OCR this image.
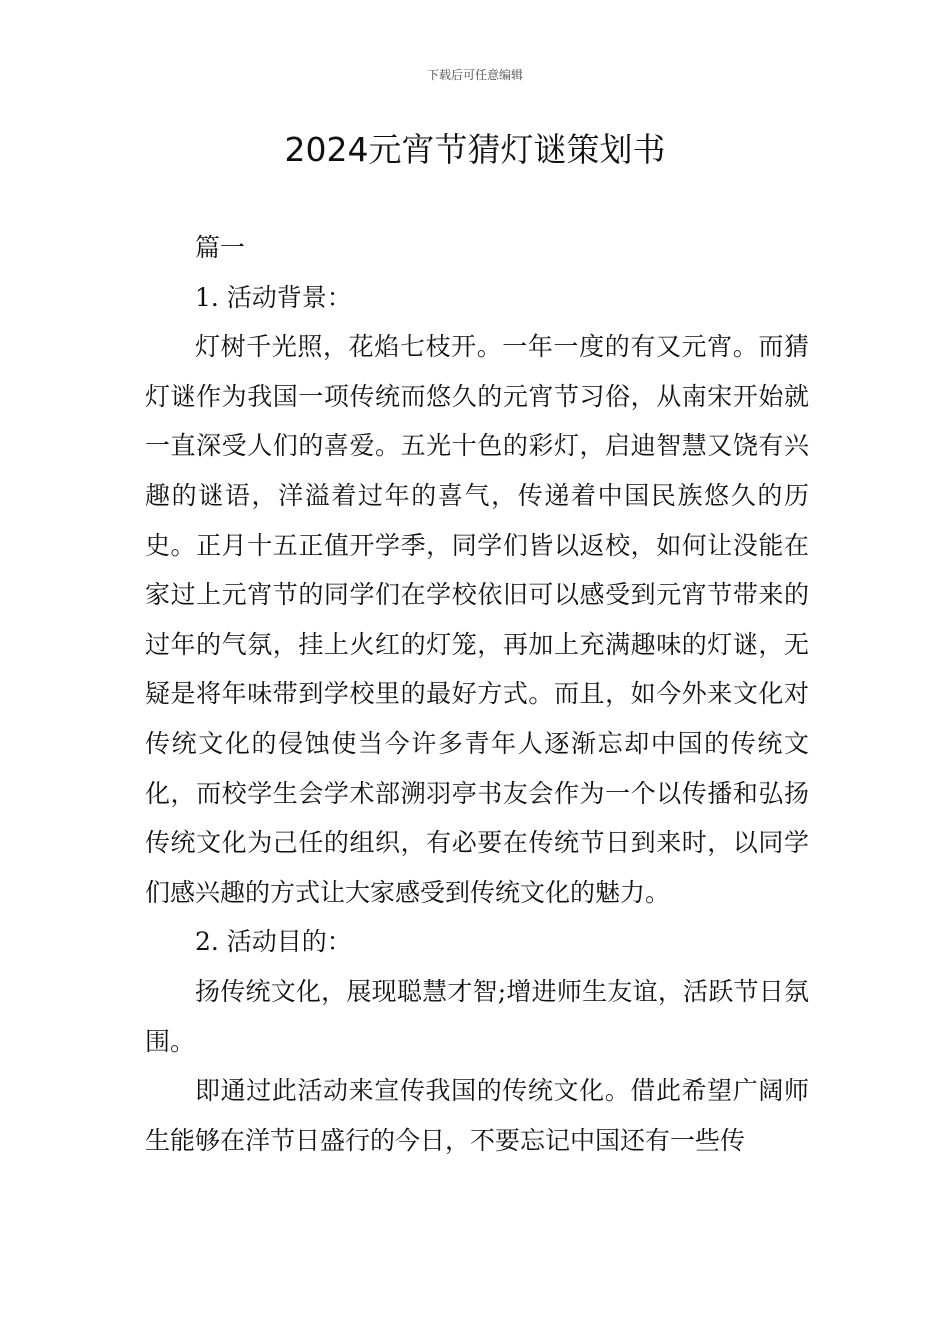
下载后可任意编辑
2024元宵节猜灯谜策划书

篇一

1. 活动背景：

灯树千光照，花焰七枝开。一年一度的有又元宵。而猜灯谜作为我国一项传统而悠久的元宵节习俗，从南宋开始就一直深受人们的喜爱。五光十色的彩灯，启迪智慧又饶有兴趣的谜语，洋溢着过年的喜气，传递着中国民族悠久的历史。正月十五正值开学季，同学们皆以返校，如何让没能在家过上元宵节的同学们在学校依旧可以感受到元宵节带来的过年的气氛，挂上火红的灯笼，再加上充满趣味的灯谜，无疑是将年味带到学校里的最好方式。而且，如今外来文化对传统文化的侵蚀使当今许多青年人逐渐忘却中国的传统文化，而校学生会学术部溯羽亭书友会作为一个以传播和弘扬传统文化为己任的组织，有必要在传统节日到来时，以同学们感兴趣的方式让大家感受到传统文化的魅力。

2. 活动目的：

扬传统文化，展现聪慧才智;增进师生友谊，活跃节日氛围。

即通过此活动来宣传我国的传统文化。借此希望广阔师生能够在洋节日盛行的今日，不要忘记中国还有一些传
